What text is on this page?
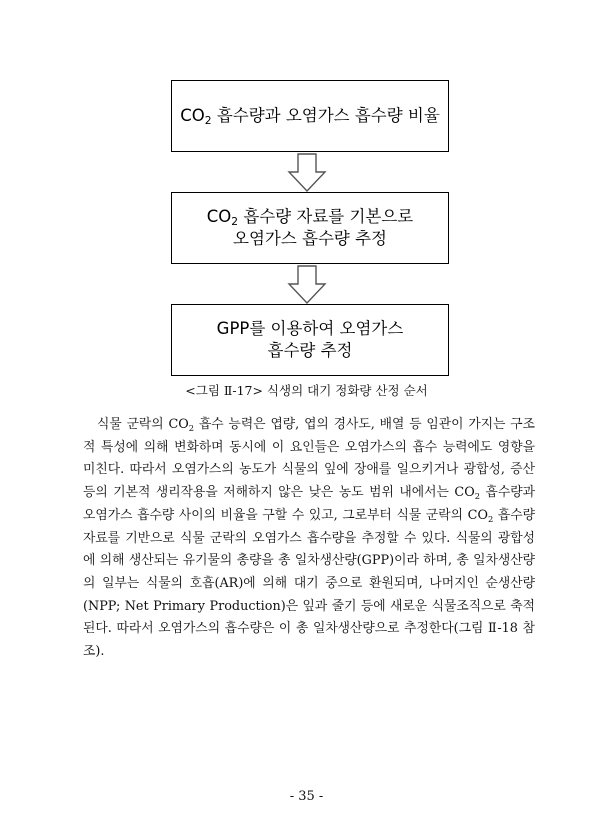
$CO_2$ 흡수량과 오염가스 흡수량 비율
$CO_2$ 흡수량 자료를 기본으로
오염가스 흡수량 추정
GPP를 이용하여 오염가스
흡수량 추정
<그림 Ⅱ-17> 식생의 대기 정화량 산정 순서

식물 군락의 $CO_2$ 흡수 능력은 엽량, 엽의 경사도, 배열 등 임관이 가지는 구조적 특성에 의해 변화하며 동시에 이 요인들은 오염가스의 흡수 능력에도 영향을 미친다. 따라서 오염가스의 농도가 식물의 잎에 장애를 일으키거나 광합성, 증산 등의 기본적 생리작용을 저해하지 않은 낮은 농도 범위 내에서는 $CO_2$ 흡수량과 오염가스 흡수량 사이의 비율을 구할 수 있고, 그로부터 식물 군락의 $CO_2$ 흡수량 자료를 기반으로 식물 군락의 오염가스 흡수량을 추정할 수 있다. 식물의 광합성에 의해 생산되는 유기물의 총량을 총 일차생산량(GPP)이라 하며, 총 일차생산량의 일부는 식물의 호흡(AR)에 의해 대기 중으로 환원되며, 나머지인 순생산량(NPP; Net Primary Production)은 잎과 줄기 등에 새로운 식물조직으로 축적된다. 따라서 오염가스의 흡수량은 이 총 일차생산량으로 추정한다(그림 Ⅱ-18 참조).

- 35 -
